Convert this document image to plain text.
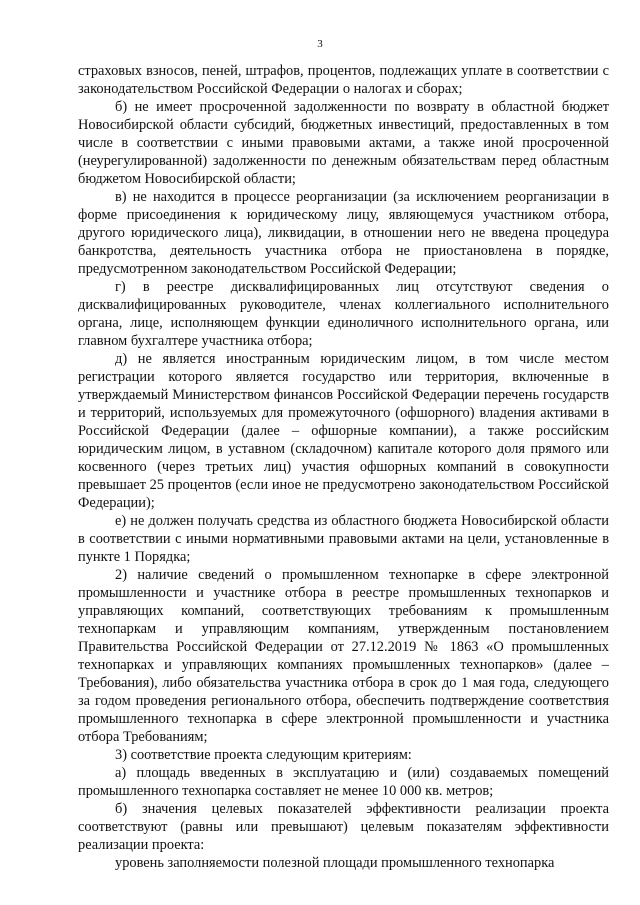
3

страховых взносов, пеней, штрафов, процентов, подлежащих уплате в соответствии с законодательством Российской Федерации о налогах и сборах;

б) не имеет просроченной задолженности по возврату в областной бюджет Новосибирской области субсидий, бюджетных инвестиций, предоставленных в том числе в соответствии с иными правовыми актами, а также иной просроченной (неурегулированной) задолженности по денежным обязательствам перед областным бюджетом Новосибирской области;

в) не находится в процессе реорганизации (за исключением реорганизации в форме присоединения к юридическому лицу, являющемуся участником отбора, другого юридического лица), ликвидации, в отношении него не введена процедура банкротства, деятельность участника отбора не приостановлена в порядке, предусмотренном законодательством Российской Федерации;

г) в реестре дисквалифицированных лиц отсутствуют сведения о дисквалифицированных руководителе, членах коллегиального исполнительного органа, лице, исполняющем функции единоличного исполнительного органа, или главном бухгалтере участника отбора;

д) не является иностранным юридическим лицом, в том числе местом регистрации которого является государство или территория, включенные в утверждаемый Министерством финансов Российской Федерации перечень государств и территорий, используемых для промежуточного (офшорного) владения активами в Российской Федерации (далее – офшорные компании), а также российским юридическим лицом, в уставном (складочном) капитале которого доля прямого или косвенного (через третьих лиц) участия офшорных компаний в совокупности превышает 25 процентов (если иное не предусмотрено законодательством Российской Федерации);

е) не должен получать средства из областного бюджета Новосибирской области в соответствии с иными нормативными правовыми актами на цели, установленные в пункте 1 Порядка;

2) наличие сведений о промышленном технопарке в сфере электронной промышленности и участнике отбора в реестре промышленных технопарков и управляющих компаний, соответствующих требованиям к промышленным технопаркам и управляющим компаниям, утвержденным постановлением Правительства Российской Федерации от 27.12.2019 № 1863 «О промышленных технопарках и управляющих компаниях промышленных технопарков» (далее – Требования), либо обязательства участника отбора в срок до 1 мая года, следующего за годом проведения регионального отбора, обеспечить подтверждение соответствия промышленного технопарка в сфере электронной промышленности и участника отбора Требованиям;

3) соответствие проекта следующим критериям:

а) площадь введенных в эксплуатацию и (или) создаваемых помещений промышленного технопарка составляет не менее 10 000 кв. метров;

б) значения целевых показателей эффективности реализации проекта соответствуют (равны или превышают) целевым показателям эффективности реализации проекта:

уровень заполняемости полезной площади промышленного технопарка
